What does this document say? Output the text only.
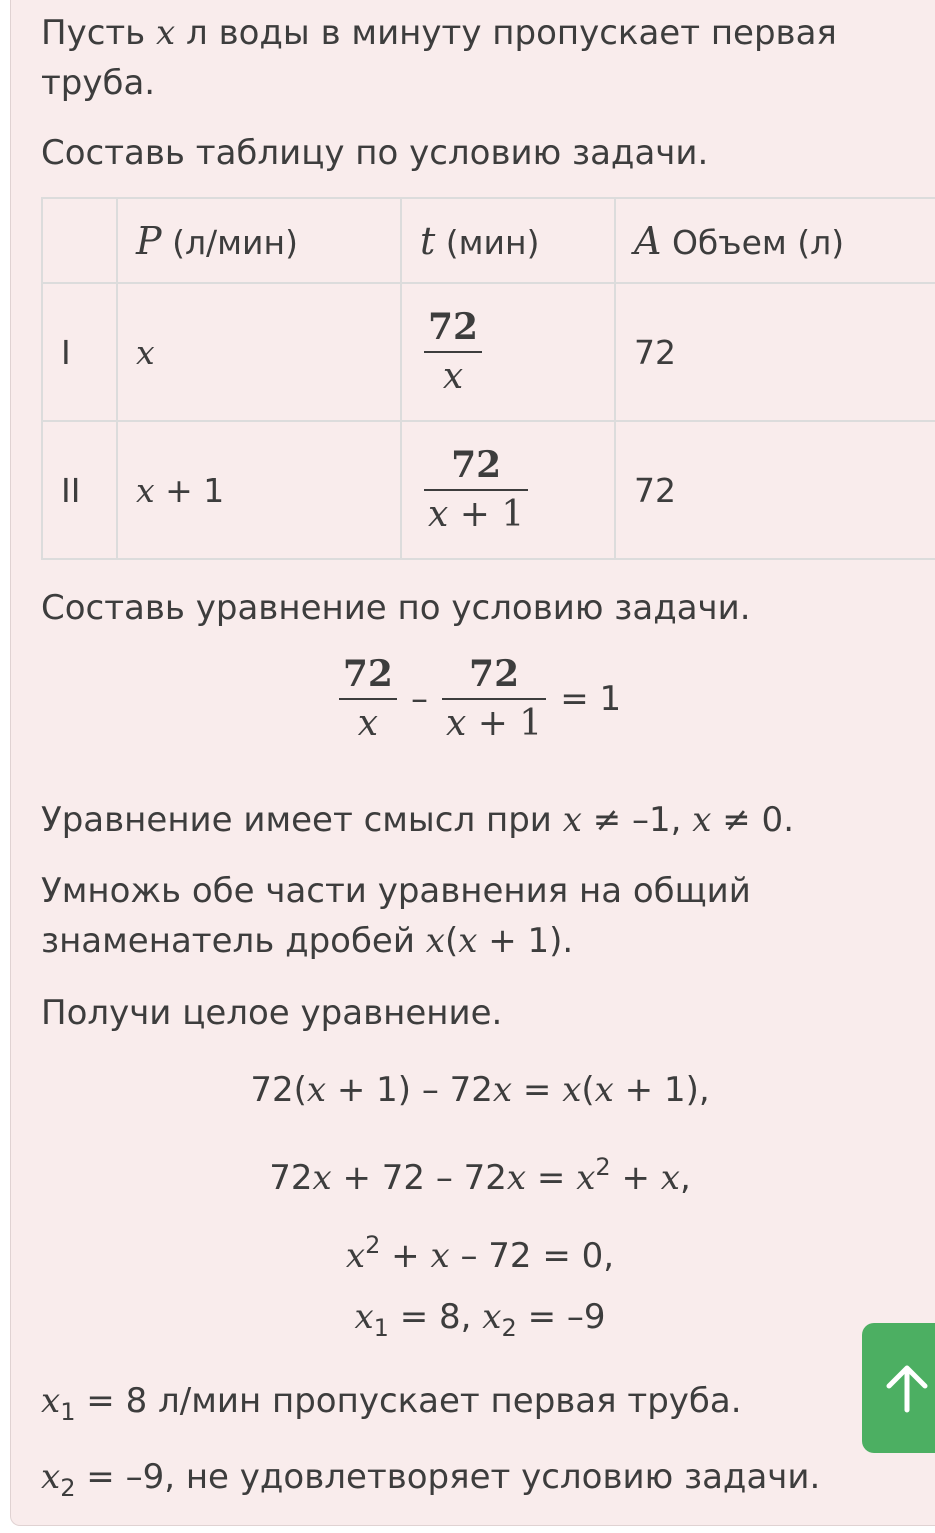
Пусть x л воды в минуту пропускает первая

труба.

Составь таблицу по условию задачи.

	P (л/мин)	t (мин)	A Объем (л)
I	x	$\frac{72}{x}$	72
II	x + 1	$\frac{72}{x + 1}$	72

Составь уравнение по условию задачи.

$\frac{72}{x} - \frac{72}{x + 1} = 1$

Уравнение имеет смысл при x ≠ –1, x ≠ 0.

Умножь обе части уравнения на общий

знаменатель дробей x(x + 1).

Получи целое уравнение.

72(x + 1) – 72x = x(x + 1),
$72x + 72 - 72x = x^2 + x$,
$x^2 + x - 72 = 0$,
$x_1 = 8$, $x_2 = -9$

$x_1 = 8$ л/мин пропускает первая труба.

$x_2 = -9$, не удовлетворяет условию задачи.
